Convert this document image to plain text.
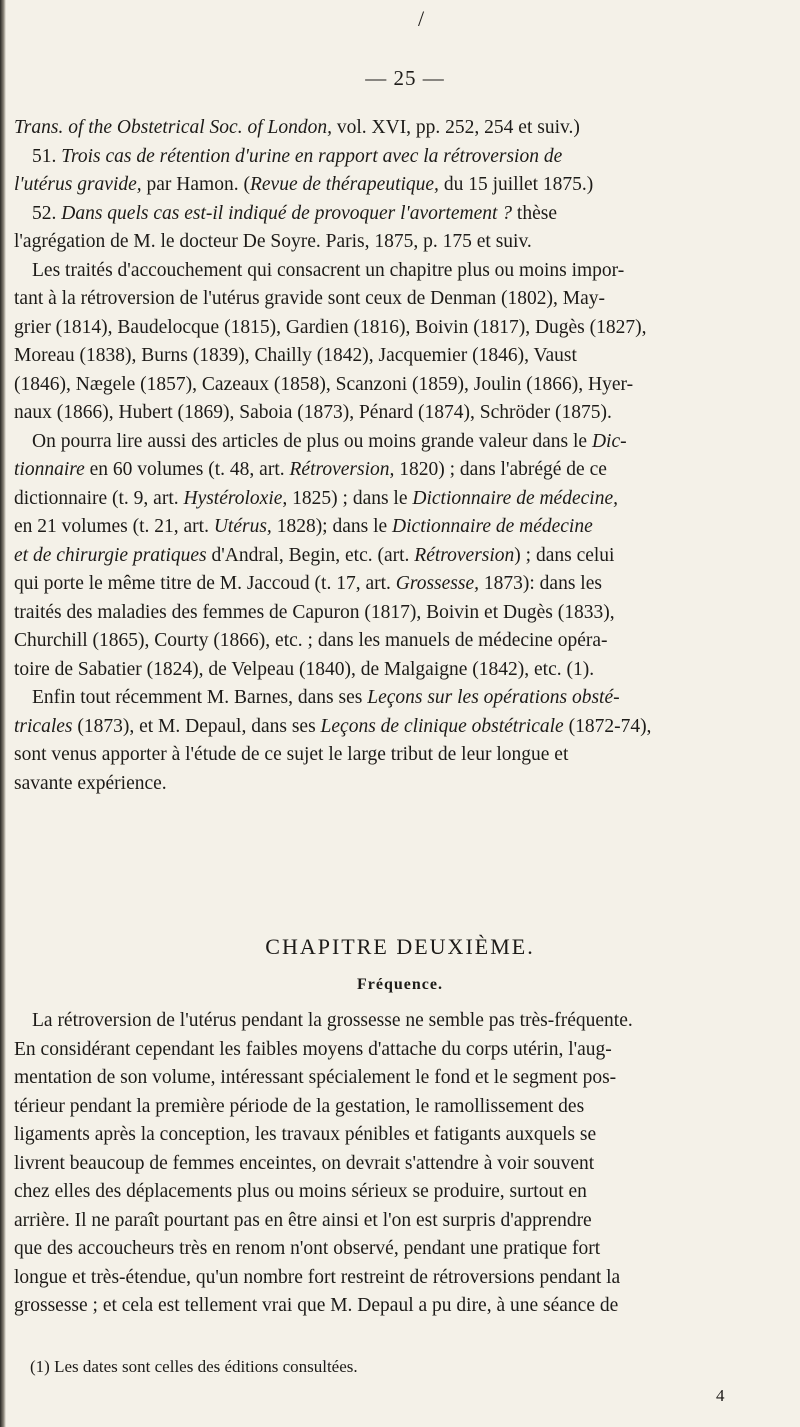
/
— 25 —
Trans. of the Obstetrical Soc. of London, vol. XVI, pp. 252, 254 et suiv.)
51. Trois cas de rétention d'urine en rapport avec la rétroversion de
l'utérus gravide, par Hamon. (Revue de thérapeutique, du 15 juillet 1875.)
52. Dans quels cas est-il indiqué de provoquer l'avortement ? thèse
l'agrégation de M. le docteur De Soyre. Paris, 1875, p. 175 et suiv.
Les traités d'accouchement qui consacrent un chapitre plus ou moins impor-
tant à la rétroversion de l'utérus gravide sont ceux de Denman (1802), May-
grier (1814), Baudelocque (1815), Gardien (1816), Boivin (1817), Dugès (1827),
Moreau (1838), Burns (1839), Chailly (1842), Jacquemier (1846), Vaust
(1846), Nægele (1857), Cazeaux (1858), Scanzoni (1859), Joulin (1866), Hyer-
naux (1866), Hubert (1869), Saboia (1873), Pénard (1874), Schröder (1875).
On pourra lire aussi des articles de plus ou moins grande valeur dans le Dic-
tionnaire en 60 volumes (t. 48, art. Rétroversion, 1820) ; dans l'abrégé de ce
dictionnaire (t. 9, art. Hystéroloxie, 1825) ; dans le Dictionnaire de médecine,
en 21 volumes (t. 21, art. Utérus, 1828); dans le Dictionnaire de médecine
et de chirurgie pratiques d'Andral, Begin, etc. (art. Rétroversion) ; dans celui
qui porte le même titre de M. Jaccoud (t. 17, art. Grossesse, 1873): dans les
traités des maladies des femmes de Capuron (1817), Boivin et Dugès (1833),
Churchill (1865), Courty (1866), etc. ; dans les manuels de médecine opéra-
toire de Sabatier (1824), de Velpeau (1840), de Malgaigne (1842), etc. (1).
Enfin tout récemment M. Barnes, dans ses Leçons sur les opérations obsté-
tricales (1873), et M. Depaul, dans ses Leçons de clinique obstétricale (1872-74),
sont venus apporter à l'étude de ce sujet le large tribut de leur longue et
savante expérience.
CHAPITRE DEUXIÈME.
Fréquence.
La rétroversion de l'utérus pendant la grossesse ne semble pas très-fréquente.
En considérant cependant les faibles moyens d'attache du corps utérin, l'aug-
mentation de son volume, intéressant spécialement le fond et le segment pos-
térieur pendant la première période de la gestation, le ramollissement des
ligaments après la conception, les travaux pénibles et fatigants auxquels se
livrent beaucoup de femmes enceintes, on devrait s'attendre à voir souvent
chez elles des déplacements plus ou moins sérieux se produire, surtout en
arrière. Il ne paraît pourtant pas en être ainsi et l'on est surpris d'apprendre
que des accoucheurs très en renom n'ont observé, pendant une pratique fort
longue et très-étendue, qu'un nombre fort restreint de rétroversions pendant la
grossesse ; et cela est tellement vrai que M. Depaul a pu dire, à une séance de
(1) Les dates sont celles des éditions consultées.
4
